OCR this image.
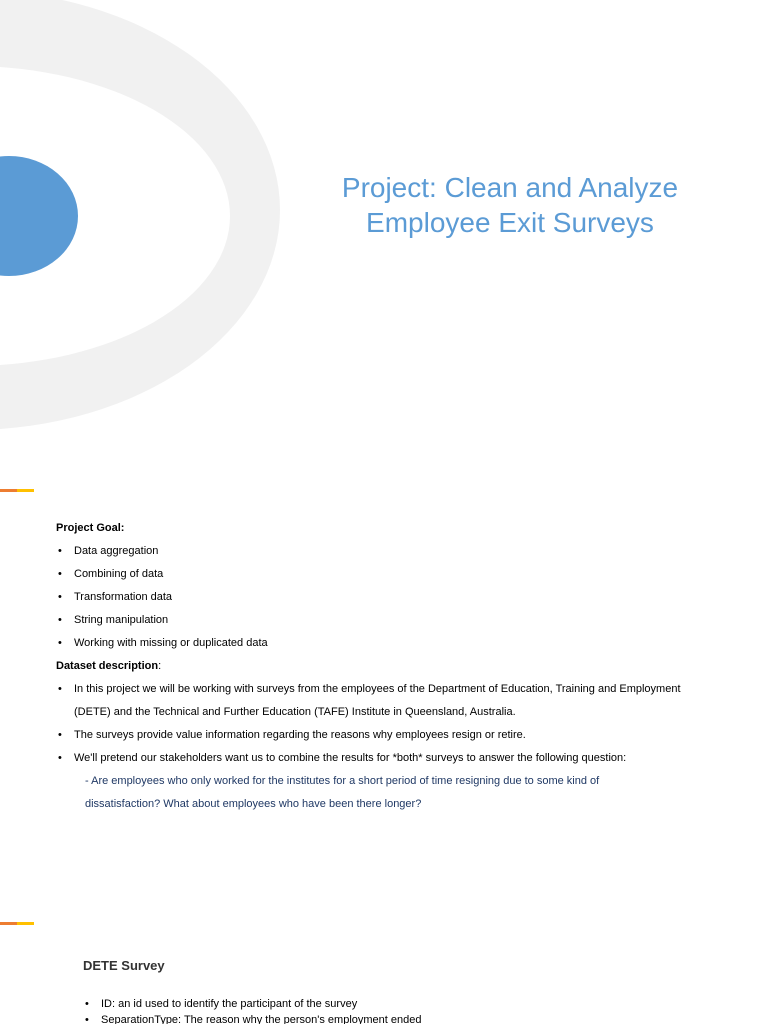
Project: Clean and Analyze
Employee Exit Surveys
Project Goal:
• Data aggregation
• Combining of data
• Transformation data
• String manipulation
• Working with missing or duplicated data
Dataset description:
• In this project we will be working with surveys from the employees of the Department of Education, Training and Employment (DETE) and the Technical and Further Education (TAFE) Institute in Queensland, Australia.
• The surveys provide value information regarding the reasons why employees resign or retire.
• We'll pretend our stakeholders want us to combine the results for *both* surveys to answer the following question:
- Are employees who only worked for the institutes for a short period of time resigning due to some kind of
dissatisfaction? What about employees who have been there longer?
DETE Survey
• ID: an id used to identify the participant of the survey
• SeparationType: The reason why the person's employment ended
